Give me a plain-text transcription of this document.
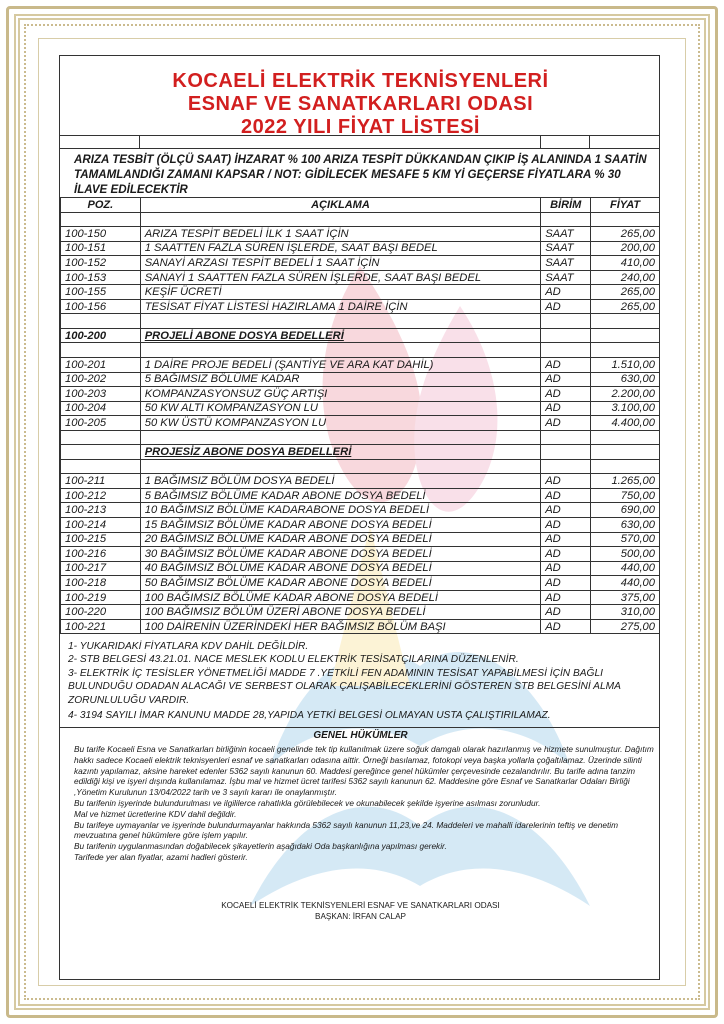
KOCAELİ ELEKTRİK TEKNİSYENLERİ
ESNAF VE SANATKARLARI ODASI
2022 YILI FİYAT LİSTESİ
ARIZA TESBİT (ÖLÇÜ SAAT) İHZARAT % 100 ARIZA TESPİT DÜKKANDAN ÇIKIP İŞ ALANINDA 1 SAATİN TAMAMLANDIĞI ZAMANI KAPSAR / NOT: GİDİLECEK MESAFE 5 KM Yİ GEÇERSE FİYATLARA % 30 İLAVE EDİLECEKTİR
POZ.	AÇIKLAMA	BİRİM	FİYAT

100-150	ARIZA TESPİT BEDELİ İLK 1 SAAT İÇİN	SAAT	265,00
100-151	1 SAATTEN FAZLA SÜREN İŞLERDE, SAAT BAŞI BEDEL	SAAT	200,00
100-152	SANAYİ ARZASI TESPİT BEDELİ 1 SAAT İÇİN	SAAT	410,00
100-153	SANAYİ 1 SAATTEN FAZLA SÜREN İŞLERDE, SAAT BAŞI BEDEL	SAAT	240,00
100-155	KEŞİF ÜCRETİ	AD	265,00
100-156	TESİSAT FİYAT LİSTESİ HAZIRLAMA 1 DAİRE İÇİN	AD	265,00

100-200	PROJELİ ABONE DOSYA BEDELLERİ		

100-201	1 DAİRE PROJE BEDELİ (ŞANTİYE VE ARA KAT DAHİL)	AD	1.510,00
100-202	5 BAĞIMSIZ BÖLÜME KADAR	AD	630,00
100-203	KOMPANZASYONSUZ GÜÇ ARTIŞI	AD	2.200,00
100-204	50 KW ALTI KOMPANZASYON LU	AD	3.100,00
100-205	50 KW ÜSTÜ KOMPANZASYON LU	AD	4.400,00

	PROJESİZ ABONE DOSYA BEDELLERİ		

100-211	1 BAĞIMSIZ BÖLÜM DOSYA BEDELİ	AD	1.265,00
100-212	5 BAĞIMSIZ BÖLÜME KADAR ABONE DOSYA BEDELİ	AD	750,00
100-213	10 BAĞIMSIZ BÖLÜME KADARABONE DOSYA BEDELİ	AD	690,00
100-214	15 BAĞIMSIZ BÖLÜME KADAR ABONE DOSYA BEDELİ	AD	630,00
100-215	20 BAĞIMSIZ BÖLÜME KADAR ABONE DOSYA BEDELİ	AD	570,00
100-216	30 BAĞIMSIZ BÖLÜME KADAR ABONE DOSYA BEDELİ	AD	500,00
100-217	40 BAĞIMSIZ BÖLÜME KADAR ABONE DOSYA BEDELİ	AD	440,00
100-218	50 BAĞIMSIZ BÖLÜME KADAR ABONE DOSYA BEDELİ	AD	440,00
100-219	100 BAĞIMSIZ BÖLÜME KADAR ABONE DOSYA BEDELİ	AD	375,00
100-220	100 BAĞIMSIZ BÖLÜM ÜZERİ ABONE DOSYA BEDELİ	AD	310,00
100-221	100 DAİRENİN ÜZERİNDEKİ HER BAĞIMSIZ BÖLÜM BAŞI	AD	275,00

1- YUKARIDAKİ FİYATLARA KDV DAHİL DEĞİLDİR.

2- STB BELGESİ 43.21.01. NACE MESLEK KODLU ELEKTRİK TESİSATÇILARINA DÜZENLENİR.

3- ELEKTRİK İÇ TESİSLER YÖNETMELİĞİ MADDE 7 .YETKİLİ FEN ADAMININ TESİSAT YAPABİLMESİ İÇİN BAĞLI BULUNDUĞU ODADAN ALACAĞI VE SERBEST OLARAK ÇALIŞABİLECEKLERİNİ GÖSTEREN STB BELGESİNİ ALMA ZORUNLULUĞU VARDIR.

4- 3194 SAYILI İMAR KANUNU MADDE 28,YAPIDA YETKİ BELGESİ OLMAYAN USTA ÇALIŞTIRILAMAZ.

GENEL HÜKÜMLER

Bu tarife Kocaeli Esna ve Sanatkarları birliğinin kocaeli genelinde tek tip kullanılmak üzere soğuk damgalı olarak hazırlanmış ve hizmete sunulmuştur. Dağıtım hakkı sadece Kocaeli elektrik teknisyenleri esnaf ve sanatkarları odasına aittir. Örneği basılamaz, fotokopi veya başka yollarla çoğaltılamaz. Üzerinde silinti kazıntı yapılamaz, aksine hareket edenler 5362 sayılı kanunun 60. Maddesi gereğince genel hükümler çerçevesinde cezalandırılır. Bu tarife adına tanzim edildiği kişi ve işyeri dışında kullanılamaz. İşbu mal ve hizmet ücret tarifesi 5362 sayılı kanunun 62. Maddesine göre Esnaf ve Sanatkarlar Odaları Birliği ,Yönetim Kurulunun 13/04/2022 tarih ve 3 sayılı kararı ile onaylanmıştır.

Bu tarifenin işyerinde bulundurulması ve ilgililerce rahatlıkla görülebilecek ve okunabilecek şekilde işyerine asılması zorunludur.

Mal ve hizmet ücretlerine KDV dahil değildir.

Bu tarifeye uymayanlar ve işyerinde bulundurmayanlar hakkında 5362 sayılı kanunun 11,23,ve 24. Maddeleri ve mahalli idarelerinin teftiş ve denetim mevzuatına genel hükümlere göre işlem yapılır.

Bu tarifenin uygulanmasından doğabilecek şikayetlerin aşağıdaki Oda başkanlığına yapılması gerekir.

Tarifede yer alan fiyatlar, azami hadleri gösterir.

KOCAELİ ELEKTRİK TEKNİSYENLERİ ESNAF VE SANATKARLARI ODASI
BAŞKAN: İRFAN CALAP
